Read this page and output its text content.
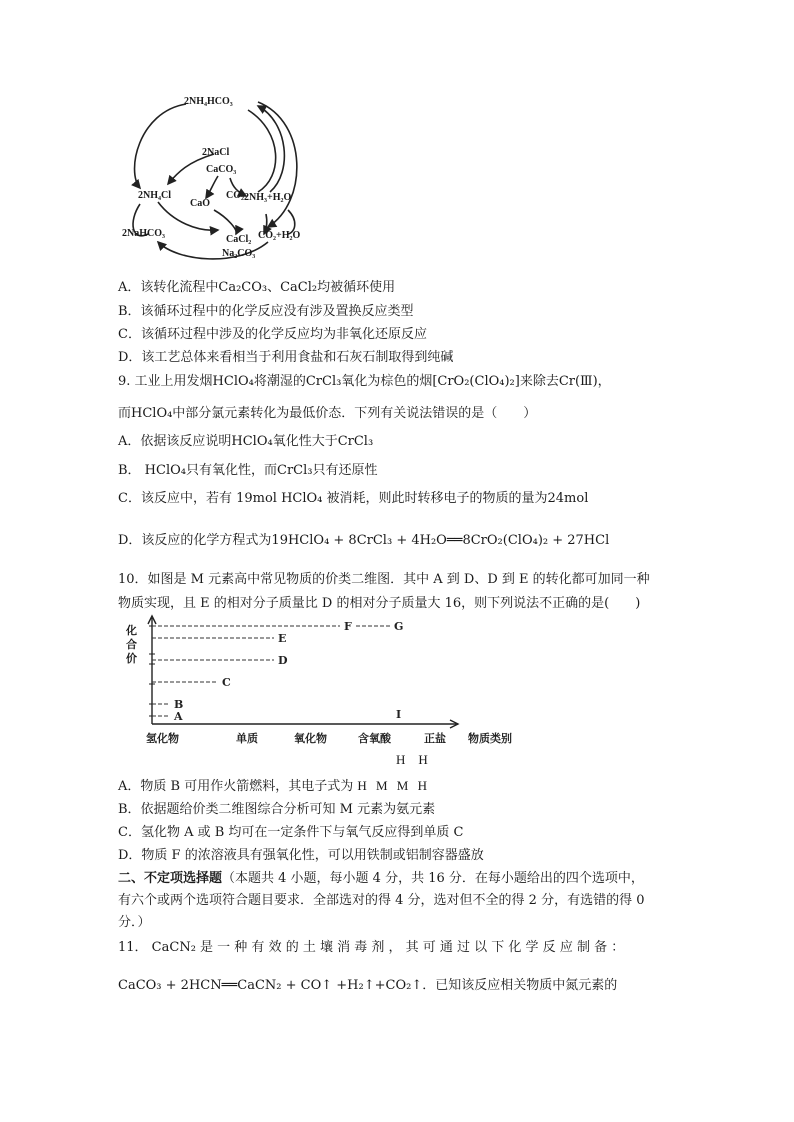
2NH₄HCO₃
2NaCl
CaCO₃
2NH₄Cl
CaO
CO₂ 2NH₃+H₂O
2NaHCO₃
CaCl₂ CO₂+H₂O
Na₂CO₃
A．该转化流程中Ca₂CO₃、CaCl₂均被循环使用
B．该循环过程中的化学反应没有涉及置换反应类型
C．该循环过程中涉及的化学反应均为非氧化还原反应
D．该工艺总体来看相当于利用食盐和石灰石制取得到纯碱
9. 工业上用发烟HClO₄将潮湿的CrCl₃氧化为棕色的烟[CrO₂(ClO₄)₂]来除去Cr(Ⅲ)，
而HClO₄中部分氯元素转化为最低价态．下列有关说法错误的是（　　）
A．依据该反应说明HClO₄氧化性大于CrCl₃
B． HClO₄只有氧化性，而CrCl₃只有还原性
C．该反应中，若有 19mol HClO₄ 被消耗，则此时转移电子的物质的量为24mol
D．该反应的化学方程式为19HClO₄ + 8CrCl₃ + 4H₂O══8CrO₂(ClO₄)₂ + 27HCl
10．如图是 M 元素高中常见物质的价类二维图．其中 A 到 D、D 到 E 的转化都可加同一种
物质实现，且 E 的相对分子质量比 D 的相对分子质量大 16，则下列说法不正确的是(　　)
A
B
C
D
E
F	G
I
氢化物	单质	氧化物	含氧酸	正盐 物质类别
化合价
H　H
A．物质 B 可用作火箭燃料，其电子式为 H M M H
B．依据题给价类二维图综合分析可知 M 元素为氨元素
C．氢化物 A 或 B 均可在一定条件下与氧气反应得到单质 C
D．物质 F 的浓溶液具有强氧化性，可以用铁制或铝制容器盛放
二、不定项选择题（本题共 4 小题，每小题 4 分，共 16 分．在每小题给出的四个选项中，
有六个或两个选项符合题目要求．全部选对的得 4 分，选对但不全的得 2 分，有选错的得 0
分．）
11． CaCN₂ 是 一 种 有 效 的 土 壤 消 毒 剂 ， 其 可 通 过 以 下 化 学 反 应 制 备 ：
CaCO₃ + 2HCN══CaCN₂ + CO↑ +H₂↑+CO₂↑．已知该反应相关物质中氮元素的
